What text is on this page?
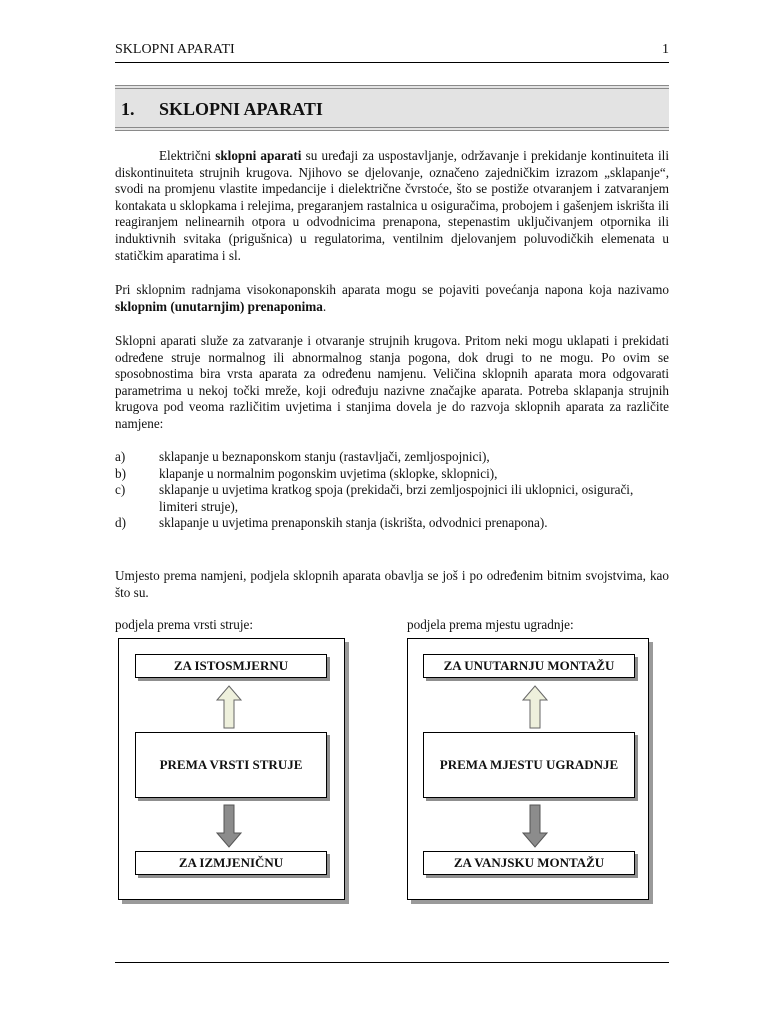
SKLOPNI APARATI	1
1. SKLOPNI APARATI
Električni sklopni aparati su uređaji za uspostavljanje, održavanje i prekidanje kontinuiteta ili diskontinuiteta strujnih krugova. Njihovo se djelovanje, označeno zajedničkim izrazom „sklapanje“, svodi na promjenu vlastite impedancije i dielektrične čvrstoće, što se postiže otvaranjem i zatvaranjem kontakata u sklopkama i relejima, pregaranjem rastalnica u osiguračima, probojem i gašenjem iskrišta ili reagiranjem nelinearnih otpora u odvodnicima prenapona, stepenastim uključivanjem otpornika ili induktivnih svitaka (prigušnica) u regulatorima, ventilnim djelovanjem poluvodičkih elemenata u statičkim aparatima i sl.
Pri sklopnim radnjama visokonaponskih aparata mogu se pojaviti povećanja napona koja nazivamo sklopnim (unutarnjim) prenaponima.
Sklopni aparati služe za zatvaranje i otvaranje strujnih krugova. Pritom neki mogu uklapati i prekidati određene struje normalnog ili abnormalnog stanja pogona, dok drugi to ne mogu. Po ovim se sposobnostima bira vrsta aparata za određenu namjenu. Veličina sklopnih aparata mora odgovarati parametrima u nekoj točki mreže, koji određuju nazivne značajke aparata. Potreba sklapanja strujnih krugova pod veoma različitim uvjetima i stanjima dovela je do razvoja sklopnih aparata za različite namjene:
a)	sklapanje u beznaponskom stanju (rastavljači, zemljospojnici),
b)	klapanje u normalnim pogonskim uvjetima (sklopke, sklopnici),
c)	sklapanje u uvjetima kratkog spoja (prekidači, brzi zemljospojnici ili uklopnici, osigurači, limiteri struje),
d)	sklapanje u uvjetima prenaponskih stanja (iskrišta, odvodnici prenapona).
Umjesto prema namjeni, podjela sklopnih aparata obavlja se još i po određenim bitnim svojstvima, kao što su.
podjela prema vrsti struje:
ZA ISTOSMJERNU
PREMA VRSTI STRUJE
ZA IZMJENIČNU
podjela prema mjestu ugradnje:
ZA UNUTARNJU MONTAŽU
PREMA MJESTU UGRADNJE
ZA VANJSKU MONTAŽU
